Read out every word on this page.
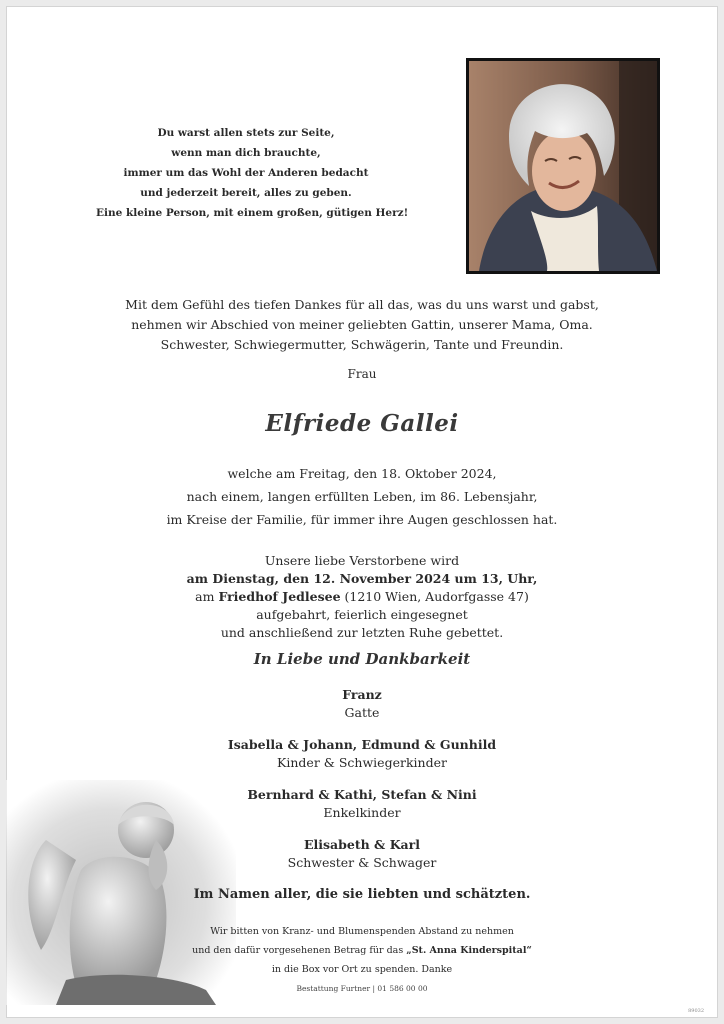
Du warst allen stets zur Seite,
wenn man dich brauchte,
immer um das Wohl der Anderen bedacht
und jederzeit bereit, alles zu geben.
Eine kleine Person, mit einem großen, gütigen Herz!
Mit dem Gefühl des tiefen Dankes für all das, was du uns warst und gabst,
nehmen wir Abschied von meiner geliebten Gattin, unserer Mama, Oma.
Schwester, Schwiegermutter, Schwägerin, Tante und Freundin.
Frau
Elfriede Gallei
welche am Freitag, den 18. Oktober 2024,
nach einem, langen erfüllten Leben, im 86. Lebensjahr,
im Kreise der Familie, für immer ihre Augen geschlossen hat.
Unsere liebe Verstorbene wird
am Dienstag, den 12. November 2024 um 13, Uhr,
am Friedhof Jedlesee (1210 Wien, Audorfgasse 47)
aufgebahrt, feierlich eingesegnet
und anschließend zur letzten Ruhe gebettet.
In Liebe und Dankbarkeit
Franz
Gatte
Isabella & Johann, Edmund & Gunhild
Kinder & Schwiegerkinder
Bernhard & Kathi, Stefan & Nini
Enkelkinder
Elisabeth & Karl
Schwester & Schwager
Im Namen aller, die sie liebten und schätzten.
Wir bitten von Kranz- und Blumenspenden Abstand zu nehmen
und den dafür vorgesehenen Betrag für das „St. Anna Kinderspital“
in die Box vor Ort zu spenden. Danke
Bestattung Furtner | 01 586 00 00
89032
